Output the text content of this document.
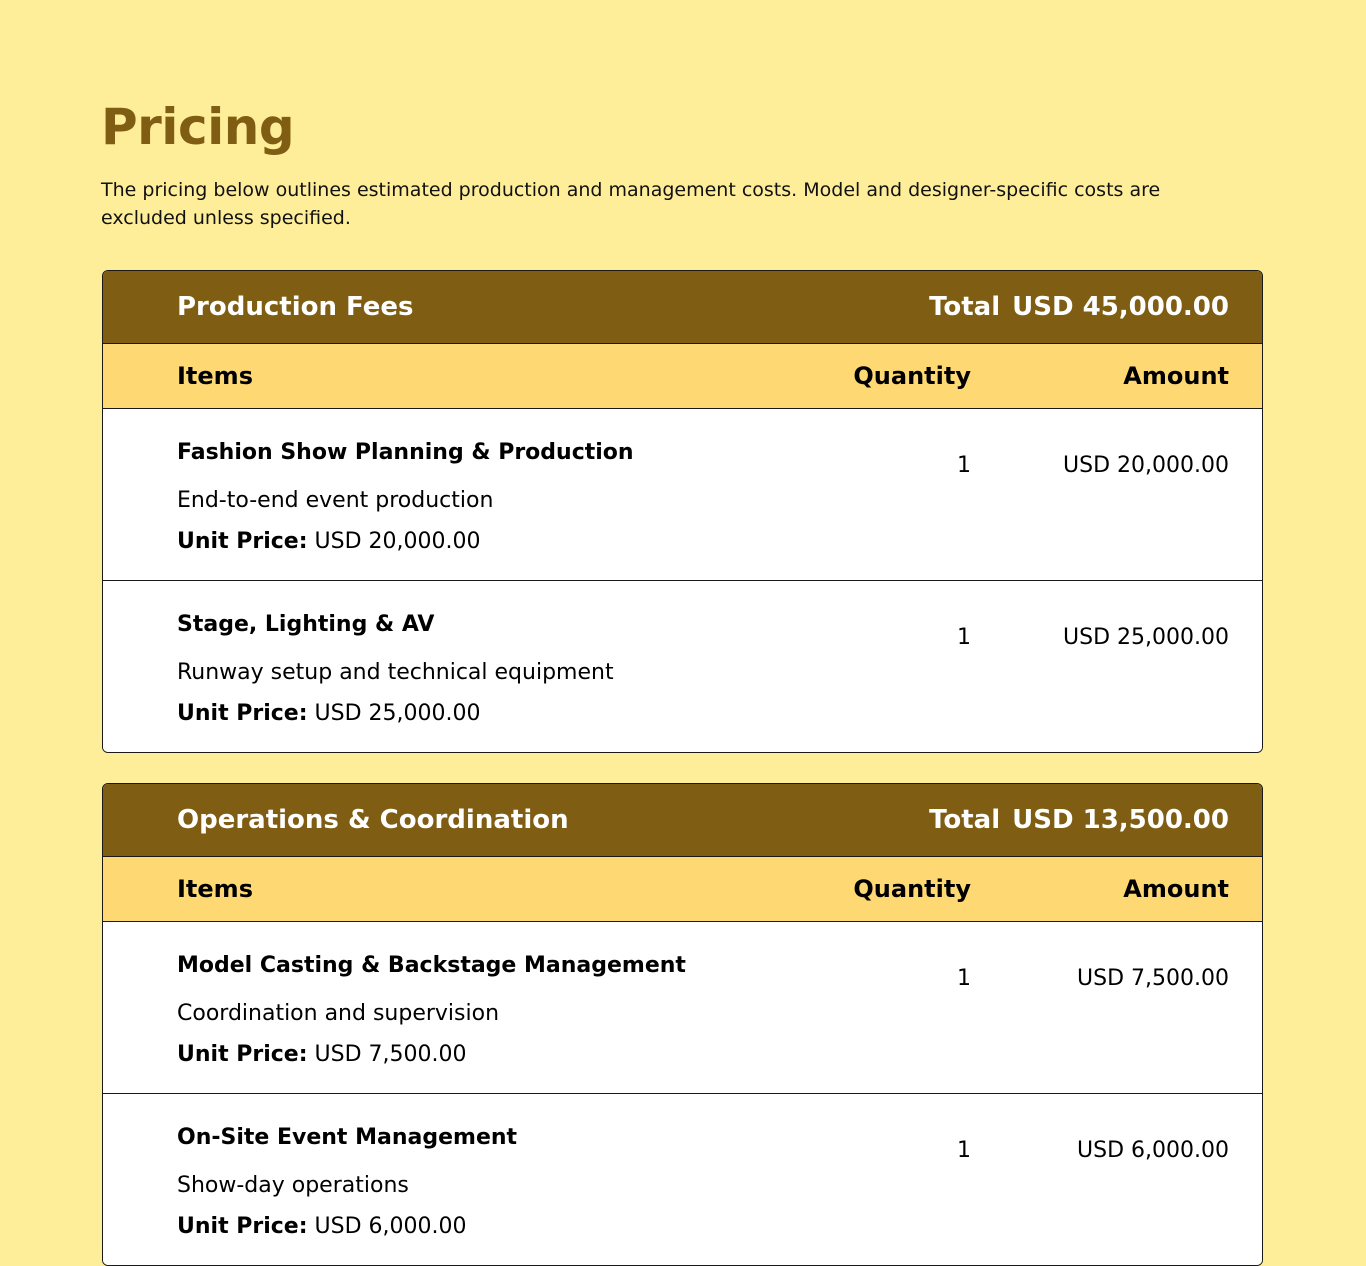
Pricing

The pricing below outlines estimated production and management costs. Model and designer-specific costs are excluded unless specified.

Production Fees	Total USD 45,000.00
Items	Quantity	Amount
Fashion Show Planning & Production
End-to-end event production
Unit Price: USD 20,000.00
1	USD 20,000.00
Stage, Lighting & AV
Runway setup and technical equipment
Unit Price: USD 25,000.00
1	USD 25,000.00
Operations & Coordination	Total USD 13,500.00
Items	Quantity	Amount
Model Casting & Backstage Management
Coordination and supervision
Unit Price: USD 7,500.00
1	USD 7,500.00
On-Site Event Management
Show-day operations
Unit Price: USD 6,000.00
1	USD 6,000.00
